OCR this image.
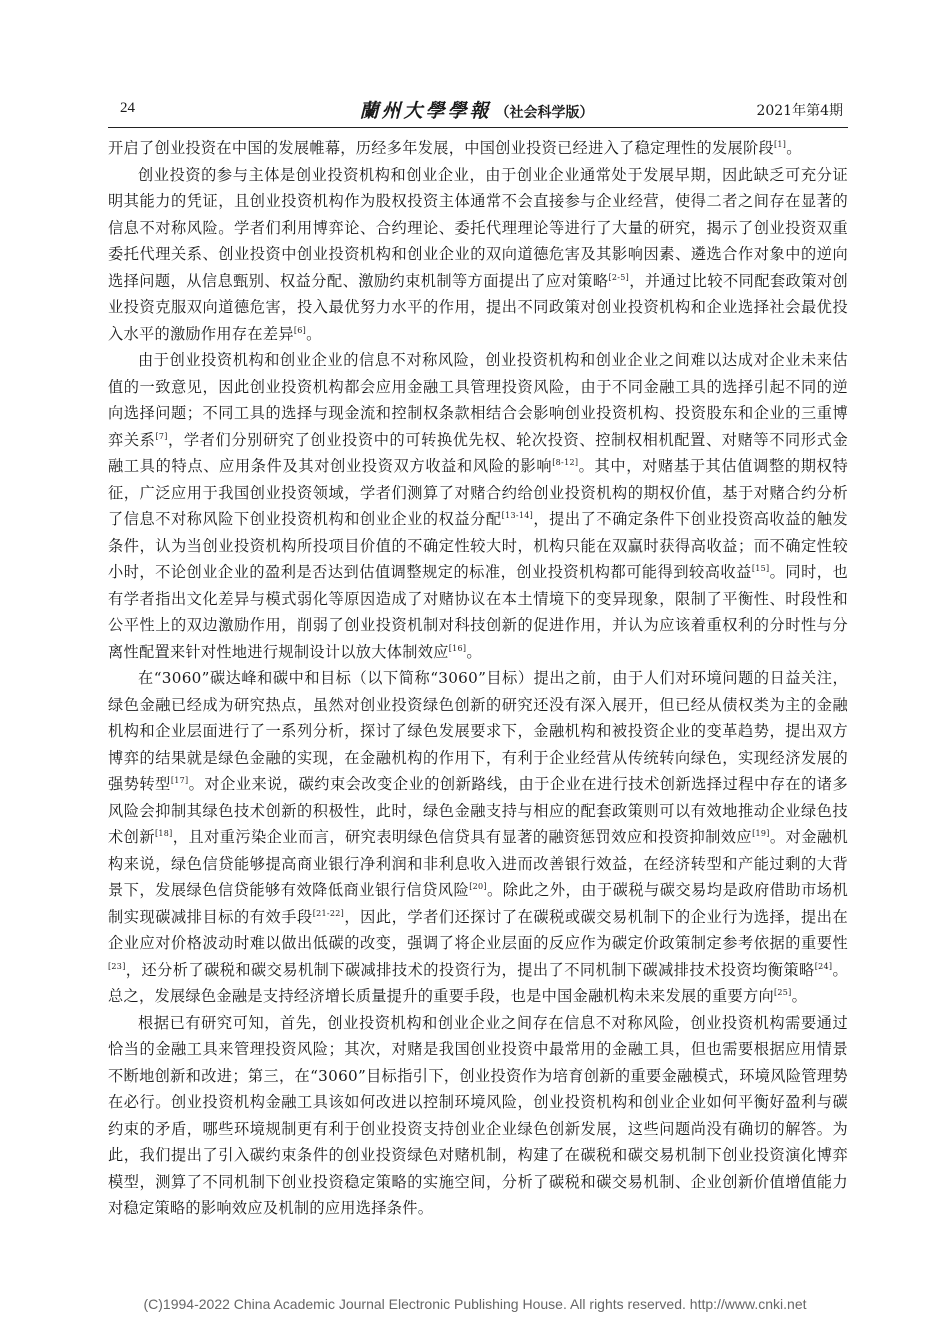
24	蘭州大學學報 （社会科学版）	2021年第4期

开启了创业投资在中国的发展帷幕，历经多年发展，中国创业投资已经进入了稳定理性的发展阶段[1]。

创业投资的参与主体是创业投资机构和创业企业，由于创业企业通常处于发展早期，因此缺乏可充分证明其能力的凭证，且创业投资机构作为股权投资主体通常不会直接参与企业经营，使得二者之间存在显著的信息不对称风险。学者们利用博弈论、合约理论、委托代理理论等进行了大量的研究，揭示了创业投资双重委托代理关系、创业投资中创业投资机构和创业企业的双向道德危害及其影响因素、遴选合作对象中的逆向选择问题，从信息甄别、权益分配、激励约束机制等方面提出了应对策略[2-5]，并通过比较不同配套政策对创业投资克服双向道德危害，投入最优努力水平的作用，提出不同政策对创业投资机构和企业选择社会最优投入水平的激励作用存在差异[6]。

由于创业投资机构和创业企业的信息不对称风险，创业投资机构和创业企业之间难以达成对企业未来估值的一致意见，因此创业投资机构都会应用金融工具管理投资风险，由于不同金融工具的选择引起不同的逆向选择问题；不同工具的选择与现金流和控制权条款相结合会影响创业投资机构、投资股东和企业的三重博弈关系[7]，学者们分别研究了创业投资中的可转换优先权、轮次投资、控制权相机配置、对赌等不同形式金融工具的特点、应用条件及其对创业投资双方收益和风险的影响[8-12]。其中，对赌基于其估值调整的期权特征，广泛应用于我国创业投资领域，学者们测算了对赌合约给创业投资机构的期权价值，基于对赌合约分析了信息不对称风险下创业投资机构和创业企业的权益分配[13-14]，提出了不确定条件下创业投资高收益的触发条件，认为当创业投资机构所投项目价值的不确定性较大时，机构只能在双赢时获得高收益；而不确定性较小时，不论创业企业的盈利是否达到估值调整规定的标准，创业投资机构都可能得到较高收益[15]。同时，也有学者指出文化差异与模式弱化等原因造成了对赌协议在本土情境下的变异现象，限制了平衡性、时段性和公平性上的双边激励作用，削弱了创业投资机制对科技创新的促进作用，并认为应该着重权利的分时性与分离性配置来针对性地进行规制设计以放大体制效应[16]。

在“3060”碳达峰和碳中和目标（以下简称“3060”目标）提出之前，由于人们对环境问题的日益关注，绿色金融已经成为研究热点，虽然对创业投资绿色创新的研究还没有深入展开，但已经从债权类为主的金融机构和企业层面进行了一系列分析，探讨了绿色发展要求下，金融机构和被投资企业的变革趋势，提出双方博弈的结果就是绿色金融的实现，在金融机构的作用下，有利于企业经营从传统转向绿色，实现经济发展的强势转型[17]。对企业来说，碳约束会改变企业的创新路线，由于企业在进行技术创新选择过程中存在的诸多风险会抑制其绿色技术创新的积极性，此时，绿色金融支持与相应的配套政策则可以有效地推动企业绿色技术创新[18]，且对重污染企业而言，研究表明绿色信贷具有显著的融资惩罚效应和投资抑制效应[19]。对金融机构来说，绿色信贷能够提高商业银行净利润和非利息收入进而改善银行效益，在经济转型和产能过剩的大背景下，发展绿色信贷能够有效降低商业银行信贷风险[20]。除此之外，由于碳税与碳交易均是政府借助市场机制实现碳减排目标的有效手段[21-22]，因此，学者们还探讨了在碳税或碳交易机制下的企业行为选择，提出在企业应对价格波动时难以做出低碳的改变，强调了将企业层面的反应作为碳定价政策制定参考依据的重要性[23]，还分析了碳税和碳交易机制下碳减排技术的投资行为，提出了不同机制下碳减排技术投资均衡策略[24]。总之，发展绿色金融是支持经济增长质量提升的重要手段，也是中国金融机构未来发展的重要方向[25]。

根据已有研究可知，首先，创业投资机构和创业企业之间存在信息不对称风险，创业投资机构需要通过恰当的金融工具来管理投资风险；其次，对赌是我国创业投资中最常用的金融工具，但也需要根据应用情景不断地创新和改进；第三，在“3060”目标指引下，创业投资作为培育创新的重要金融模式，环境风险管理势在必行。创业投资机构金融工具该如何改进以控制环境风险，创业投资机构和创业企业如何平衡好盈利与碳约束的矛盾，哪些环境规制更有利于创业投资支持创业企业绿色创新发展，这些问题尚没有确切的解答。为此，我们提出了引入碳约束条件的创业投资绿色对赌机制，构建了在碳税和碳交易机制下创业投资演化博弈模型，测算了不同机制下创业投资稳定策略的实施空间，分析了碳税和碳交易机制、企业创新价值增值能力对稳定策略的影响效应及机制的应用选择条件。

(C)1994-2022 China Academic Journal Electronic Publishing House. All rights reserved. http://www.cnki.net
